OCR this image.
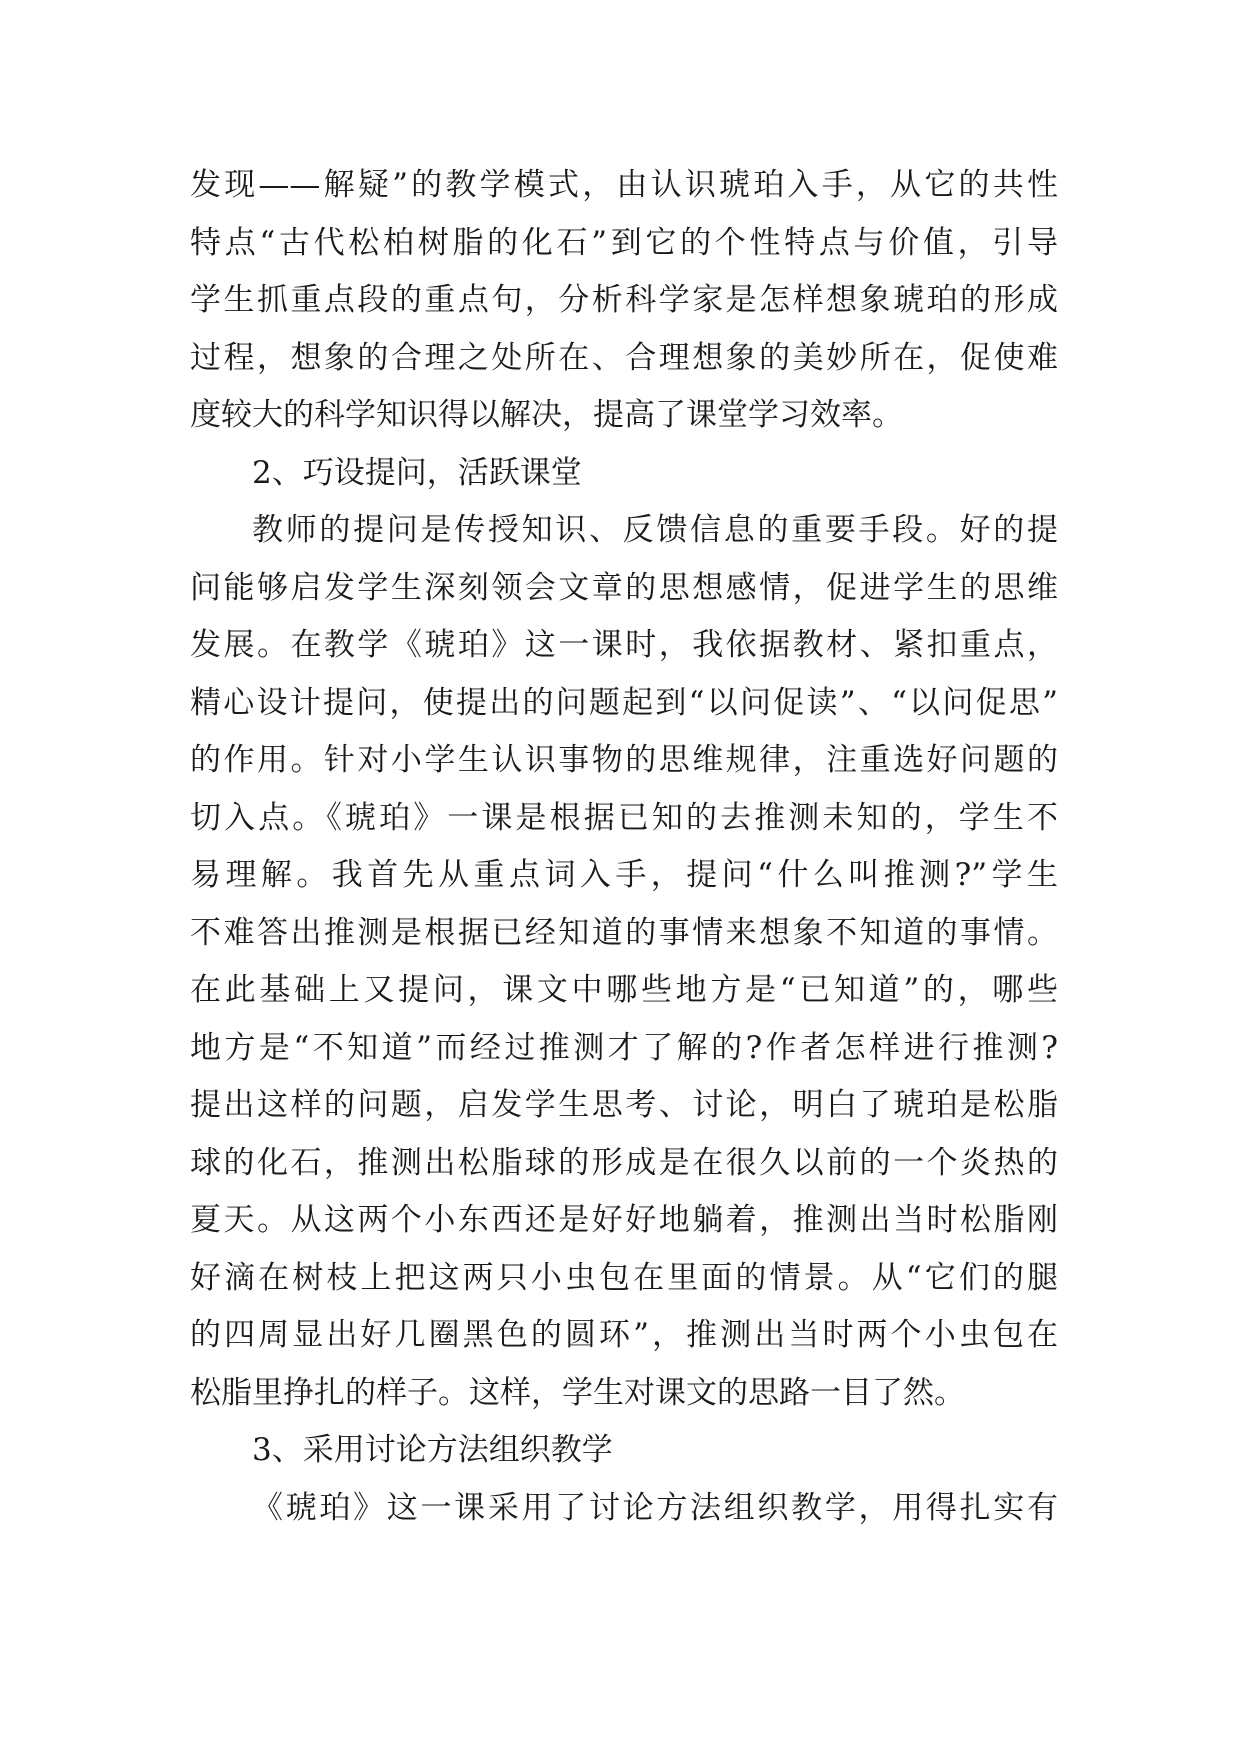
发现——解疑”的教学模式，由认识琥珀入手，从它的共性
特点“古代松柏树脂的化石”到它的个性特点与价值，引导
学生抓重点段的重点句，分析科学家是怎样想象琥珀的形成
过程，想象的合理之处所在、合理想象的美妙所在，促使难
度较大的科学知识得以解决，提高了课堂学习效率。
2、巧设提问，活跃课堂
教师的提问是传授知识、反馈信息的重要手段。好的提
问能够启发学生深刻领会文章的思想感情，促进学生的思维
发展。在教学《琥珀》这一课时，我依据教材、紧扣重点，
精心设计提问，使提出的问题起到“以问促读”、“以问促思”
的作用。针对小学生认识事物的思维规律，注重选好问题的
切入点。《琥珀》一课是根据已知的去推测未知的，学生不
易理解。我首先从重点词入手，提问“什么叫推测?”学生
不难答出推测是根据已经知道的事情来想象不知道的事情。
在此基础上又提问，课文中哪些地方是“已知道”的，哪些
地方是“不知道”而经过推测才了解的?作者怎样进行推测?
提出这样的问题，启发学生思考、讨论，明白了琥珀是松脂
球的化石，推测出松脂球的形成是在很久以前的一个炎热的
夏天。从这两个小东西还是好好地躺着，推测出当时松脂刚
好滴在树枝上把这两只小虫包在里面的情景。从“它们的腿
的四周显出好几圈黑色的圆环”，推测出当时两个小虫包在
松脂里挣扎的样子。这样，学生对课文的思路一目了然。
3、采用讨论方法组织教学
《琥珀》这一课采用了讨论方法组织教学，用得扎实有
